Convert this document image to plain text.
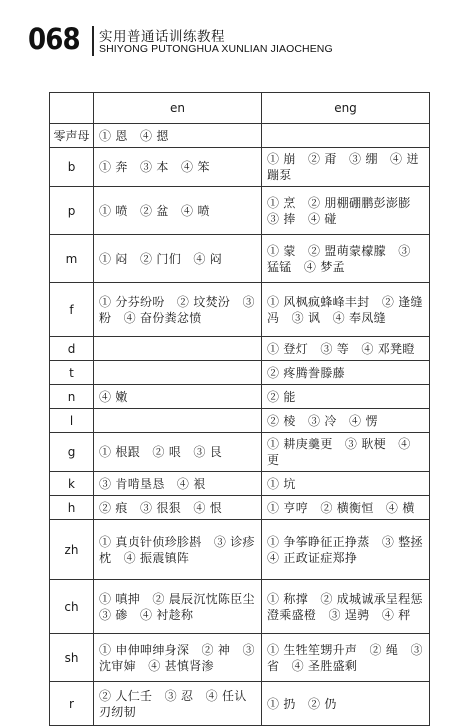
068 实用普通话训练教程
SHIYONG PUTONGHUA XUNLIAN JIAOCHENG
	en	eng
零声母	① 恩　④ 摁	
b	① 奔　③ 本　④ 笨	① 崩　② 甭　③ 绷　④ 迸蹦泵
p	① 喷　② 盆　④ 喷	① 烹　② 朋棚硼鹏彭澎膨　③ 捧　④ 碰
m	① 闷　② 门们　④ 闷	① 蒙　② 盟萌蒙檬朦　③ 猛锰　④ 梦孟
f	① 分芬纷吩　② 坟焚汾　③ 粉　④ 奋份粪忿愤	① 风枫疯蜂峰丰封　② 逢缝冯　③ 讽　④ 奉凤缝
d		① 登灯　③ 等　④ 邓凳瞪
t		② 疼腾誊滕藤
n	④ 嫩	② 能
l		② 棱　③ 冷　④ 愣
g	① 根跟　② 哏　③ 艮	① 耕庚羹更　③ 耿梗　④ 更
k	③ 肯啃垦恳　④ 裉	① 坑
h	② 痕　③ 很狠　④ 恨	① 亨哼　② 横衡恒　④ 横
zh	① 真贞针侦珍胗斟　③ 诊疹枕　④ 振震镇阵	① 争筝睁征正挣蒸　③ 整拯　④ 正政证症郑挣
ch	① 嗔抻　② 晨辰沉忱陈臣尘　③ 碜　④ 衬趁称	① 称撑　② 成城诚承呈程惩澄乘盛橙　③ 逞骋　④ 秤
sh	① 申伸呻绅身深　② 神　③ 沈审婶　④ 甚慎肾渗	① 生牲笙甥升声　② 绳　③ 省　④ 圣胜盛剩
r	② 人仁壬　③ 忍　④ 任认刃纫韧	① 扔　② 仍
